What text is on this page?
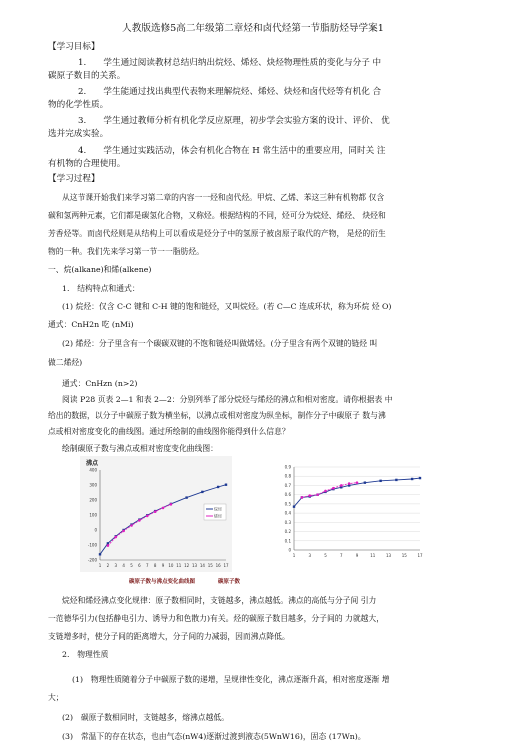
人教版选修5高二年级第二章烃和卤代烃第一节脂肪烃导学案1
【学习目标】
1.　　学生通过阅读教材总结归纳出烷烃、烯烃、炔烃物理性质的变化与分子 中
碳原子数目的关系。
2.　　学生能通过找出典型代表物来理解烷烃、烯烃、炔烃和卤代烃等有机化 合
物的化学性质。
3.　　学生通过教师分析有机化学反应原理，初步学会实验方案的设计、评价、 优
选并完成实验。
4.　　学生通过实践活动，体会有机化合物在 H 常生活中的重要应用，同时关 注
有机物的合理使用。
【学习过程】
从这节课开始我们来学习第二章的内容一一烃和卤代烃。甲烷、乙烯、苯这三种有机物都 仅含
碳和氢两种元素，它们都是碳氢化合物，又称烃。根据结构的不同，烃可分为烷烃、烯烃、 炔烃和
芳香烃等。而卤代烃则是从结构上可以看成是烃分子中的氢原子被卤原子取代的产物， 是烃的衍生
物的一种。我们先来学习第一节一一脂肪烃。
一、烷(alkane)和烯(alkene)
1.　结构特点和通式：
(1) 烷烃：仅含 C-C 键和 C-H 键的饱和链烃，又叫烷烃。(若 C—C 连成环状，称为环烷 烃 O)
通式：CnH2n 吃 (nMi)
(2) 烯烃：分子里含有一个碳碳双键的不饱和链烃叫做烯烃。(分子里含有两个双键的链烃 叫
做二烯烃)
通式：CnHzn (n>2)
阅读 P28 页表 2—1 和表 2—2：分别列举了部分烷烃与烯烃的沸点和相对密度。请你根据表 中
给出的数据，以分子中碳原子数为横坐标，以沸点或相对密度为纵坐标，制作分子中碳原子 数与沸
点或相对密度变化的曲线图。通过所绘制的曲线图你能得到什么信息？
绘制碳原子数与沸点或相对密度变化曲线图：
沸点
400
300
200
100
0
-100
-200
1 2 3 4 5 6 7 8 9 10 11 12 13 14 15 16 17
烷烃
烯烃
碳原子数与沸点变化曲线图	碳原子数
0.9
0.8
0.7
0.6
0.5
0.4
0.3
0.2
0.1
0
1	3	5	7	9	11	13	15	17
烷烃和烯烃沸点变化规律：原子数相同时，支链越多，沸点越低。沸点的高低与分子间 引力
一范德华引力(包括静电引力、诱导力和色散力)有关。烃的碳原子数目越多，分子间的 力就越大，
支链增多时，使分子间的距离增大，分子间的力减弱，因而沸点降低。
2.　物理性质
(1)　物理性质随着分子中碳原子数的递增，呈规律性变化，沸点逐渐升高，相对密度逐渐 增
大；
(2)　碳原子数相同时，支链越多，熔沸点越低。
(3)　常温下的存在状态，也由气态(nW4)逐渐过渡到液态(5WnW16)，固态 (17Wn)。
